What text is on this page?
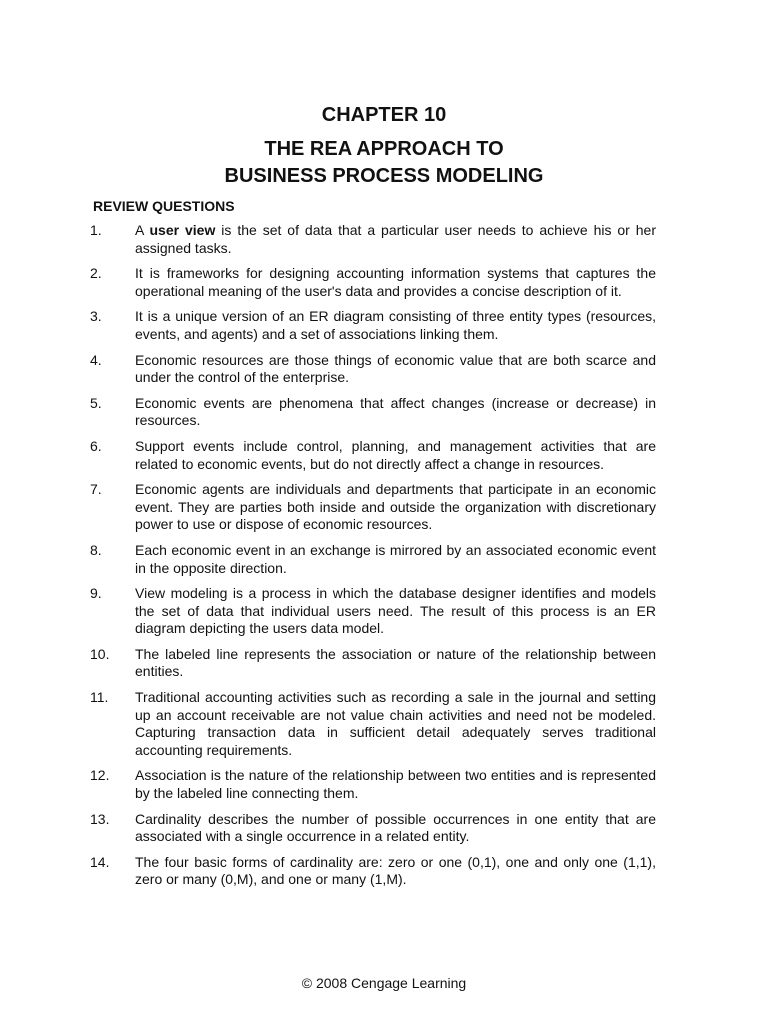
CHAPTER 10
THE REA APPROACH TO
BUSINESS PROCESS MODELING
REVIEW QUESTIONS
1.	A user view is the set of data that a particular user needs to achieve his or her assigned tasks.
2.	It is frameworks for designing accounting information systems that captures the operational meaning of the user's data and provides a concise description of it.
3.	It is a unique version of an ER diagram consisting of three entity types (resources, events, and agents) and a set of associations linking them.
4.	Economic resources are those things of economic value that are both scarce and under the control of the enterprise.
5.	Economic events are phenomena that affect changes (increase or decrease) in resources.
6.	Support events include control, planning, and management activities that are related to economic events, but do not directly affect a change in resources.
7.	Economic agents are individuals and departments that participate in an economic event. They are parties both inside and outside the organization with discretionary power to use or dispose of economic resources.
8.	Each economic event in an exchange is mirrored by an associated economic event in the opposite direction.
9.	View modeling is a process in which the database designer identifies and models the set of data that individual users need. The result of this process is an ER diagram depicting the users data model.
10.	The labeled line represents the association or nature of the relationship between entities.
11.	Traditional accounting activities such as recording a sale in the journal and setting up an account receivable are not value chain activities and need not be modeled. Capturing transaction data in sufficient detail adequately serves traditional accounting requirements.
12.	Association is the nature of the relationship between two entities and is represented by the labeled line connecting them.
13.	Cardinality describes the number of possible occurrences in one entity that are associated with a single occurrence in a related entity.
14.	The four basic forms of cardinality are: zero or one (0,1), one and only one (1,1), zero or many (0,M), and one or many (1,M).
© 2008 Cengage Learning
